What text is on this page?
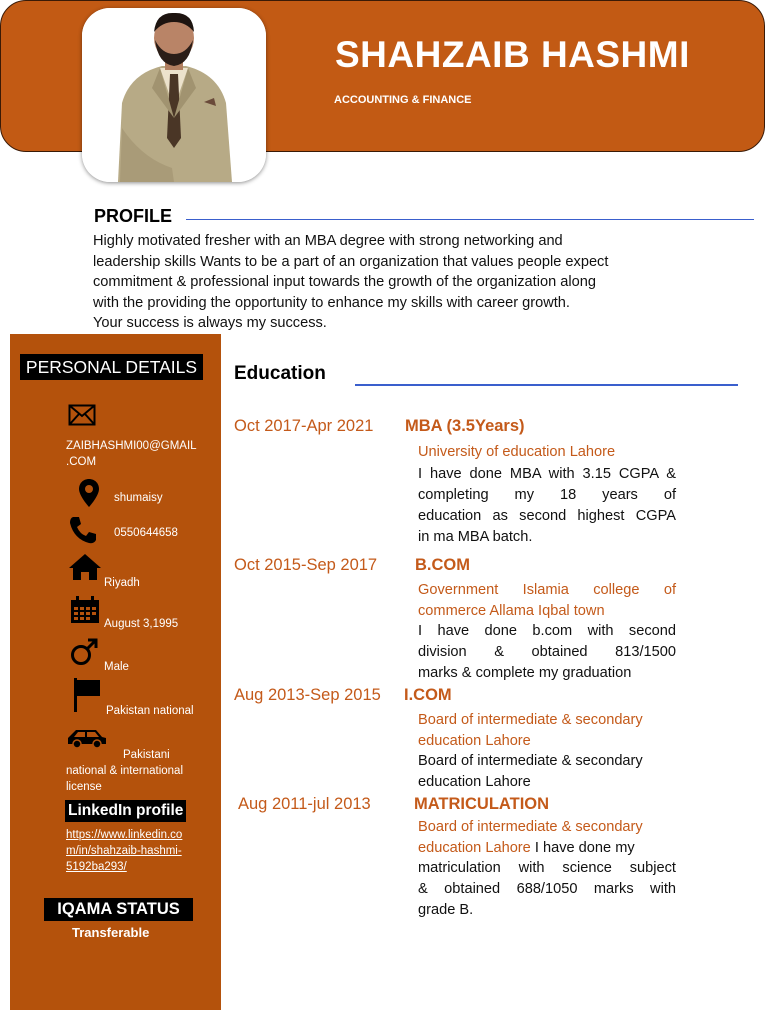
SHAHZAIB HASHMI
ACCOUNTING & FINANCE
PROFILE
Highly motivated fresher with an MBA degree with strong networking and
leadership skills Wants to be a part of an organization that values people expect
commitment & professional input towards the growth of the organization along
with the providing the opportunity to enhance my skills with career growth.
Your success is always my success.
PERSONAL DETAILS
ZAIBHASHMI00@GMAIL
.COM
shumaisy
0550644658
Riyadh
August 3,1995
Male
Pakistan national
Pakistani
national & international
license
LinkedIn profile
https://www.linkedin.co
m/in/shahzaib-hashmi-
5192ba293/
IQAMA STATUS
Transferable
Education
Oct 2017-Apr 2021 MBA (3.5Years)
University of education Lahore
I have done MBA with 3.15 CGPA &
completing my 18 years of
education as second highest CGPA
in ma MBA batch.
Oct 2015-Sep 2017 B.COM
Government Islamia college of
commerce Allama Iqbal town
I have done b.com with second
division & obtained 813/1500
marks & complete my graduation
Aug 2013-Sep 2015 I.COM
Board of intermediate & secondary
education Lahore
Board of intermediate & secondary
education Lahore
Aug 2011-jul 2013	MATRICULATION
Board of intermediate & secondary
education Lahore I have done my
matriculation with science subject
& obtained 688/1050 marks with
grade B.
